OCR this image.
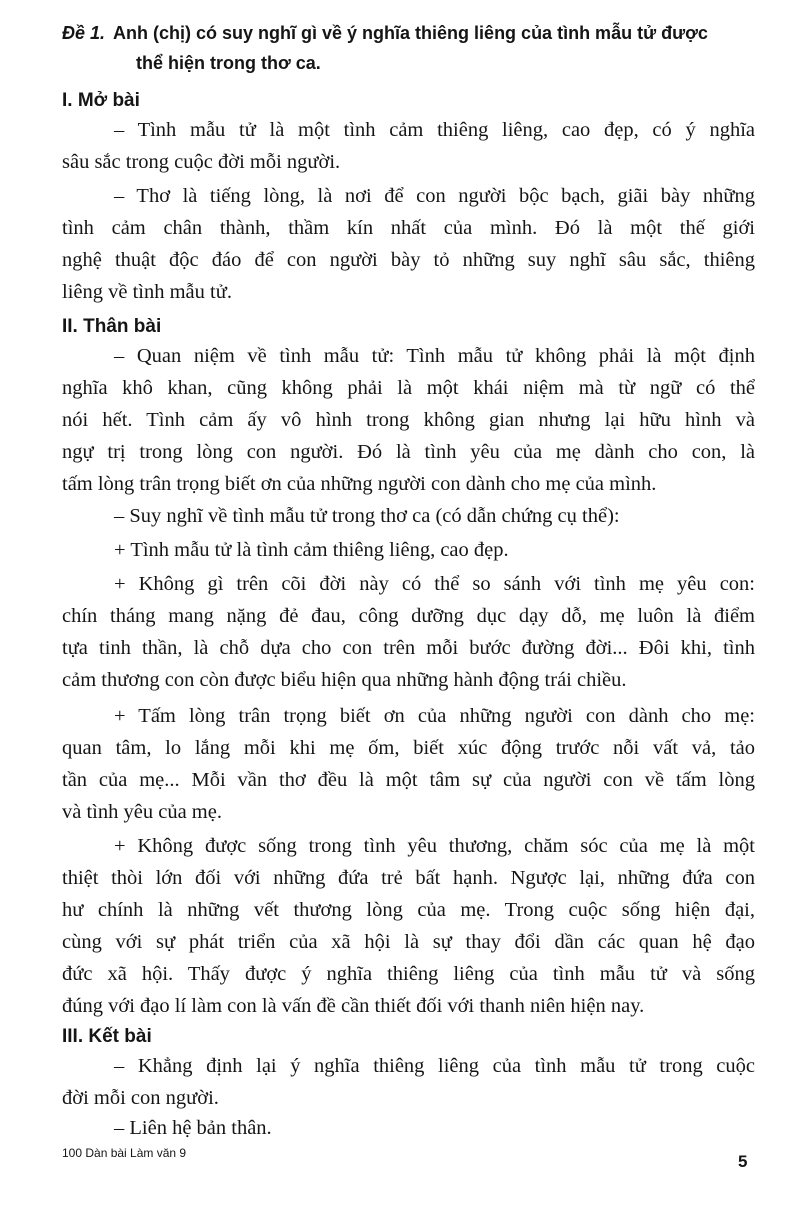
Đề 1. Anh (chị) có suy nghĩ gì về ý nghĩa thiêng liêng của tình mẫu tử được
thể hiện trong thơ ca.
I. Mở bài

– Tình mẫu tử là một tình cảm thiêng liêng, cao đẹp, có ý nghĩa
sâu sắc trong cuộc đời mỗi người.

– Thơ là tiếng lòng, là nơi để con người bộc bạch, giãi bày những
tình cảm chân thành, thầm kín nhất của mình. Đó là một thế giới
nghệ thuật độc đáo để con người bày tỏ những suy nghĩ sâu sắc, thiêng
liêng về tình mẫu tử.

II. Thân bài

– Quan niệm về tình mẫu tử: Tình mẫu tử không phải là một định
nghĩa khô khan, cũng không phải là một khái niệm mà từ ngữ có thể
nói hết. Tình cảm ấy vô hình trong không gian nhưng lại hữu hình và
ngự trị trong lòng con người. Đó là tình yêu của mẹ dành cho con, là
tấm lòng trân trọng biết ơn của những người con dành cho mẹ của mình.

– Suy nghĩ về tình mẫu tử trong thơ ca (có dẫn chứng cụ thể):

+ Tình mẫu tử là tình cảm thiêng liêng, cao đẹp.

+ Không gì trên cõi đời này có thể so sánh với tình mẹ yêu con:
chín tháng mang nặng đẻ đau, công dưỡng dục dạy dỗ, mẹ luôn là điểm
tựa tinh thần, là chỗ dựa cho con trên mỗi bước đường đời... Đôi khi, tình
cảm thương con còn được biểu hiện qua những hành động trái chiều.

+ Tấm lòng trân trọng biết ơn của những người con dành cho mẹ:
quan tâm, lo lắng mỗi khi mẹ ốm, biết xúc động trước nỗi vất vả, tảo
tần của mẹ... Mỗi vần thơ đều là một tâm sự của người con về tấm lòng
và tình yêu của mẹ.

+ Không được sống trong tình yêu thương, chăm sóc của mẹ là một
thiệt thòi lớn đối với những đứa trẻ bất hạnh. Ngược lại, những đứa con
hư chính là những vết thương lòng của mẹ. Trong cuộc sống hiện đại,
cùng với sự phát triển của xã hội là sự thay đổi dần các quan hệ đạo
đức xã hội. Thấy được ý nghĩa thiêng liêng của tình mẫu tử và sống
đúng với đạo lí làm con là vấn đề cần thiết đối với thanh niên hiện nay.

III. Kết bài

– Khẳng định lại ý nghĩa thiêng liêng của tình mẫu tử trong cuộc
đời mỗi con người.

– Liên hệ bản thân.

100 Dàn bài Làm văn 9	5
